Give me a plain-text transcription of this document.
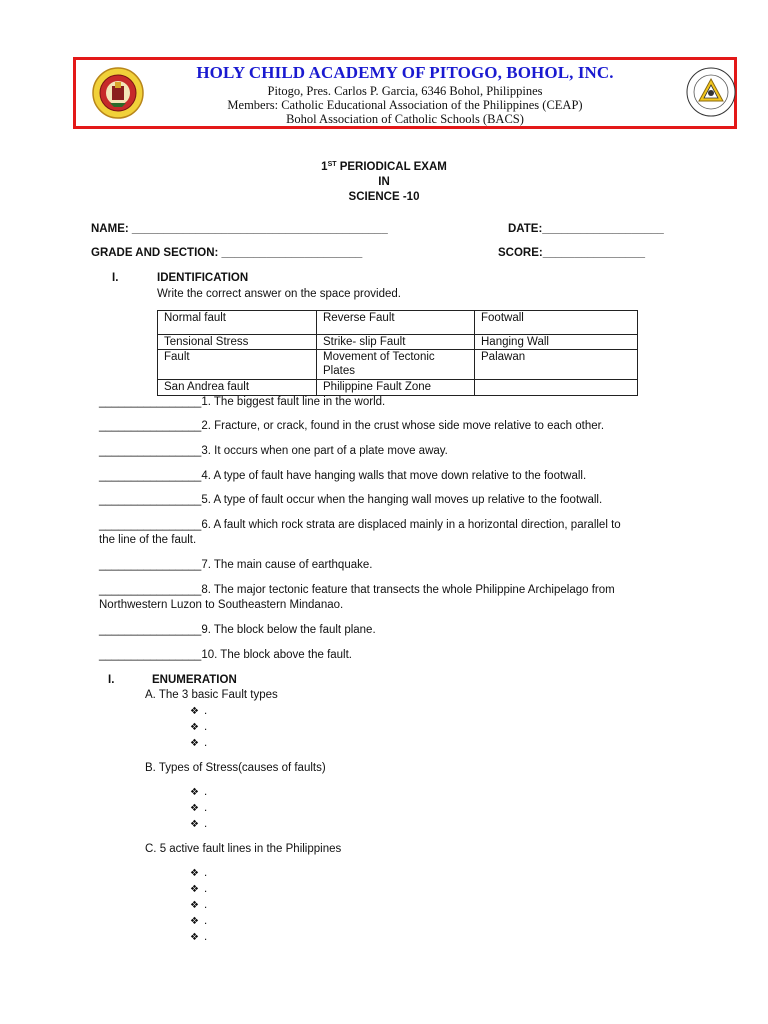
HOLY CHILD ACADEMY OF PITOGO, BOHOL, INC.
Pitogo, Pres. Carlos P. Garcia, 6346 Bohol, Philippines
Members: Catholic Educational Association of the Philippines (CEAP)
Bohol Association of Catholic Schools (BACS)
1ST PERIODICAL EXAM
IN
SCIENCE -10
NAME: ________________________________________	DATE:___________________
GRADE AND SECTION: ______________________	SCORE:________________
I.	IDENTIFICATION
Write the correct answer on the space provided.
Normal fault	Reverse Fault	Footwall
Tensional Stress	Strike- slip Fault	Hanging Wall
Fault	Movement of Tectonic Plates	Palawan
San Andrea fault	Philippine Fault Zone	
________________1. The biggest fault line in the world.
________________2. Fracture, or crack, found in the crust whose side move relative to each other.
________________3. It occurs when one part of a plate move away.
________________4. A type of fault have hanging walls that move down relative to the footwall.
________________5. A type of fault occur when the hanging wall moves up relative to the footwall.
________________6. A fault which rock strata are displaced mainly in a horizontal direction, parallel to
the line of the fault.
________________7. The main cause of earthquake.
________________8. The major tectonic feature that transects the whole Philippine Archipelago from
Northwestern Luzon to Southeastern Mindanao.
________________9. The block below the fault plane.
________________10. The block above the fault.
I.	ENUMERATION
A. The 3 basic Fault types
❖ .
❖ .
❖ .
B. Types of Stress(causes of faults)
❖ .
❖ .
❖ .
C. 5 active fault lines in the Philippines
❖ .
❖ .
❖ .
❖ .
❖ .
